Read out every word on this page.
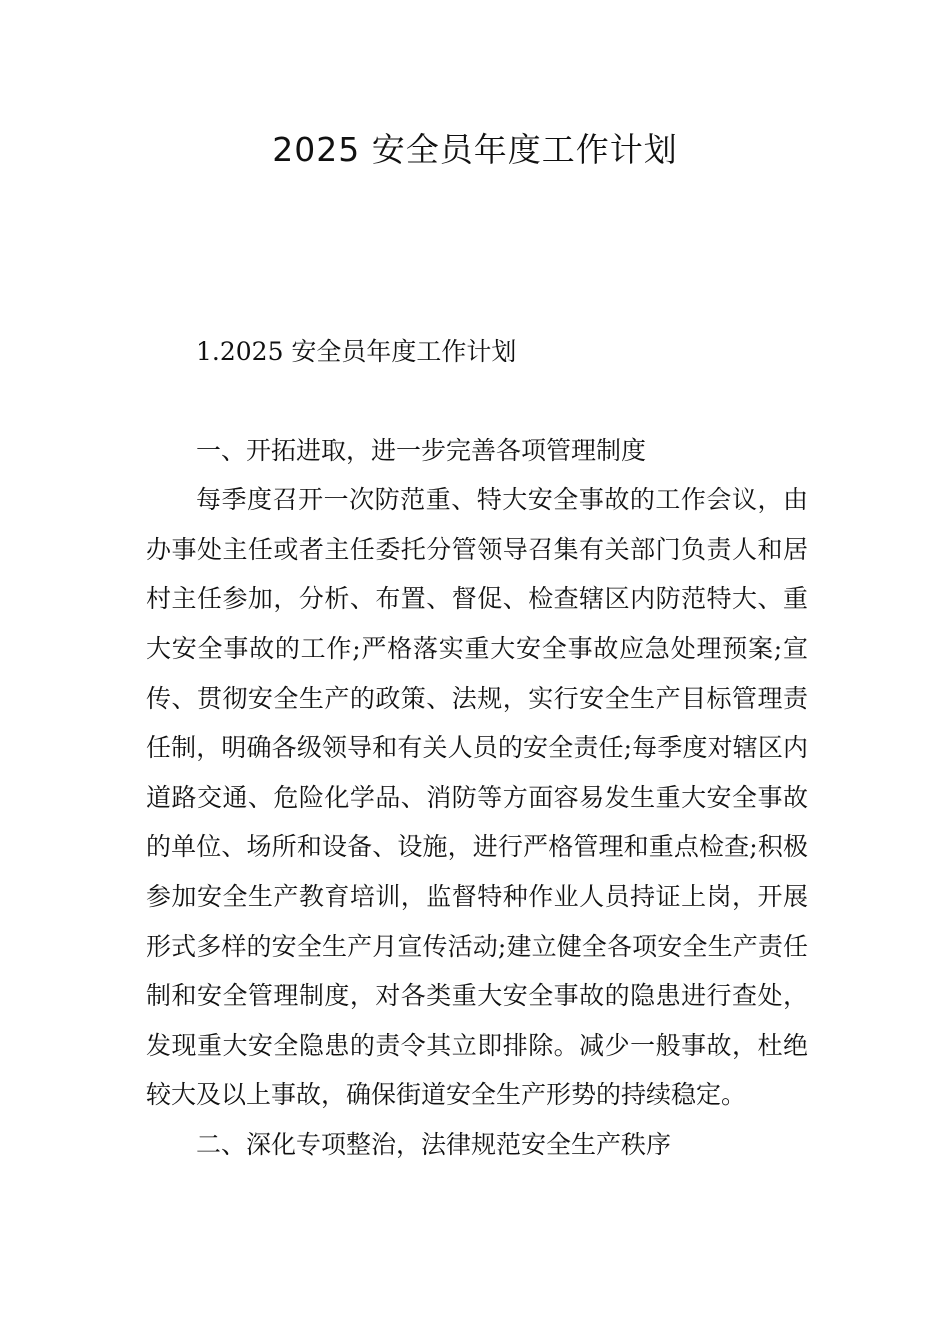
2025 安全员年度工作计划

1.2025 安全员年度工作计划

一、开拓进取，进一步完善各项管理制度

每季度召开一次防范重、特大安全事故的工作会议，由办事处主任或者主任委托分管领导召集有关部门负责人和居村主任参加，分析、布置、督促、检查辖区内防范特大、重大安全事故的工作;严格落实重大安全事故应急处理预案;宣传、贯彻安全生产的政策、法规，实行安全生产目标管理责任制，明确各级领导和有关人员的安全责任;每季度对辖区内道路交通、危险化学品、消防等方面容易发生重大安全事故的单位、场所和设备、设施，进行严格管理和重点检查;积极参加安全生产教育培训，监督特种作业人员持证上岗，开展形式多样的安全生产月宣传活动;建立健全各项安全生产责任制和安全管理制度，对各类重大安全事故的隐患进行查处，发现重大安全隐患的责令其立即排除。减少一般事故，杜绝较大及以上事故，确保街道安全生产形势的持续稳定。

二、深化专项整治，法律规范安全生产秩序
